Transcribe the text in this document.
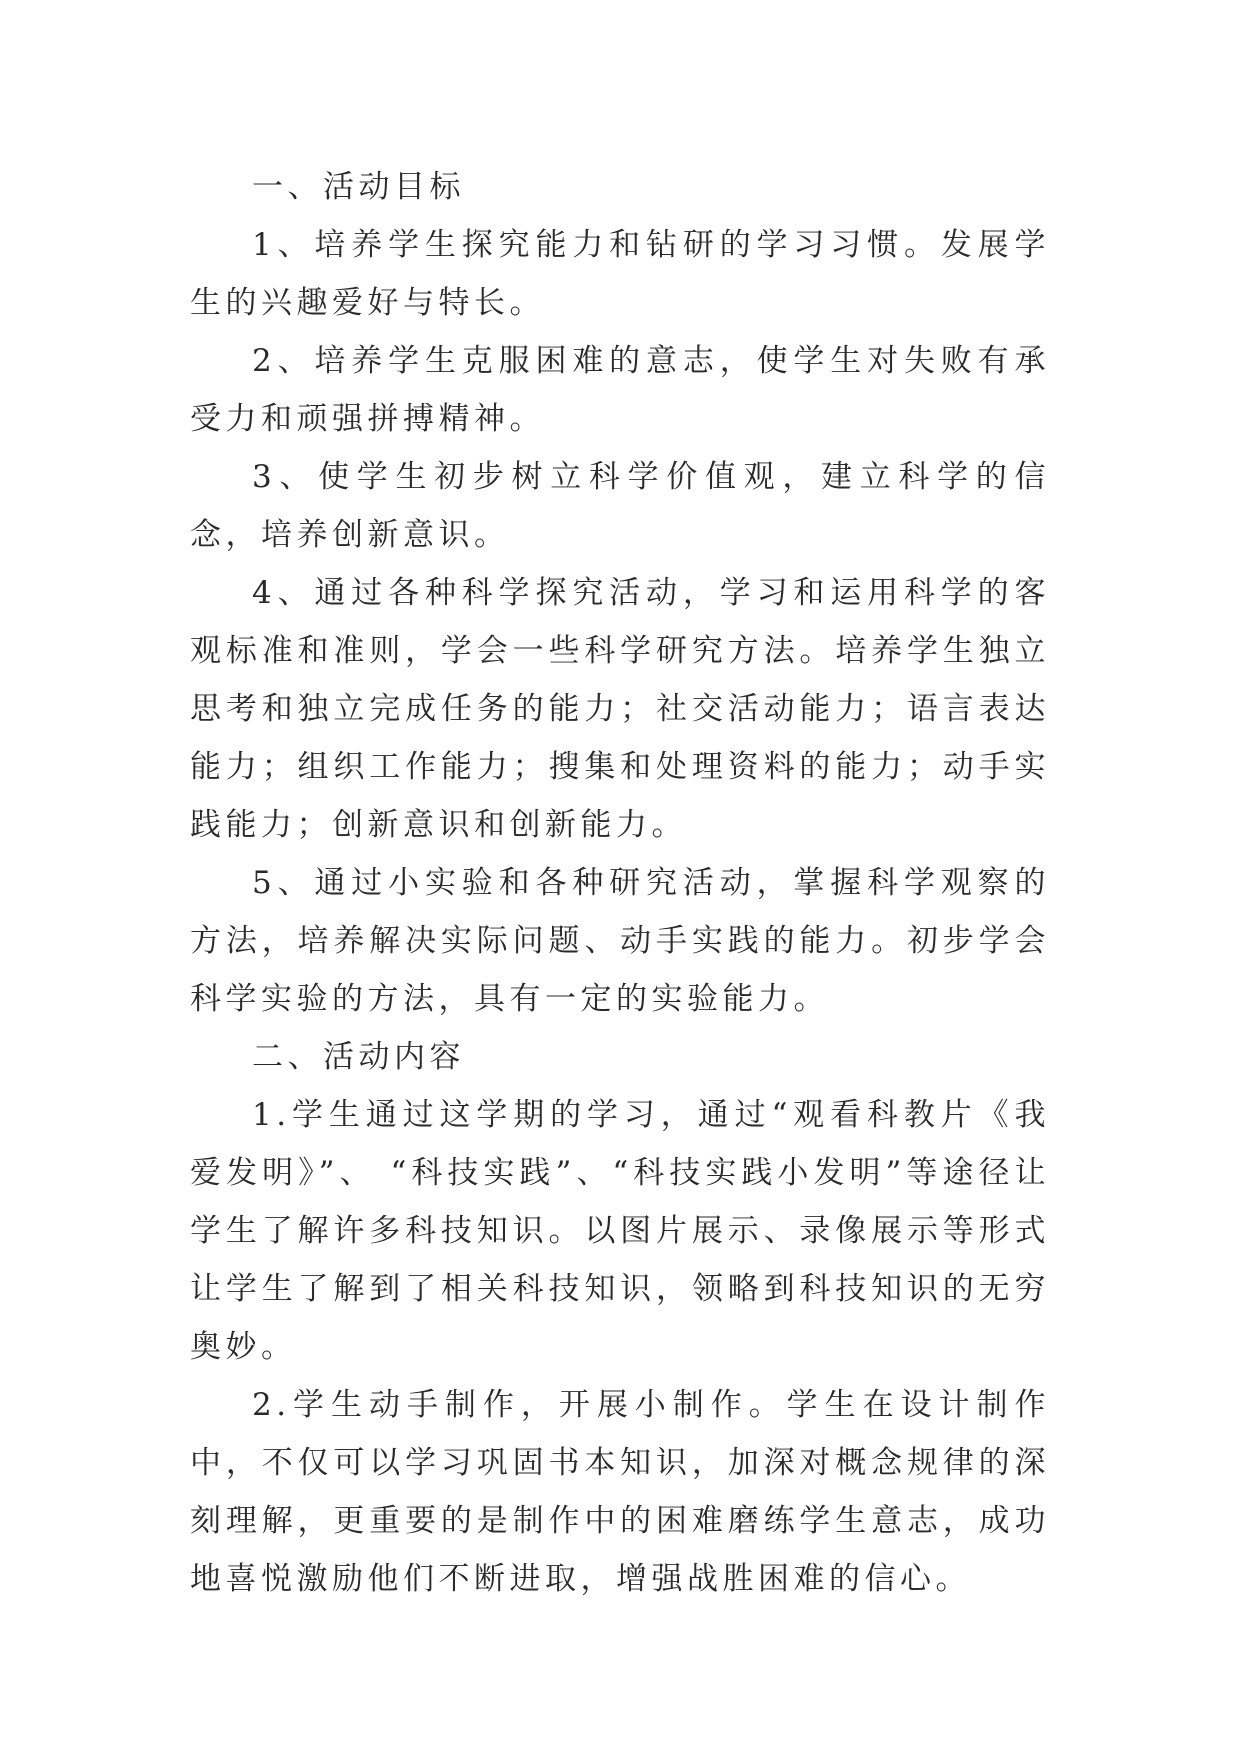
一、活动目标

1、培养学生探究能力和钻研的学习习惯。发展学生的兴趣爱好与特长。

2、培养学生克服困难的意志，使学生对失败有承受力和顽强拼搏精神。

3、使学生初步树立科学价值观，建立科学的信念，培养创新意识。

4、通过各种科学探究活动，学习和运用科学的客观标准和准则，学会一些科学研究方法。培养学生独立思考和独立完成任务的能力；社交活动能力；语言表达能力；组织工作能力；搜集和处理资料的能力；动手实践能力；创新意识和创新能力。

5、通过小实验和各种研究活动，掌握科学观察的方法，培养解决实际问题、动手实践的能力。初步学会科学实验的方法，具有一定的实验能力。

二、活动内容

1.学生通过这学期的学习，通过“观看科教片《我爱发明》”、 “科技实践”、“科技实践小发明”等途径让学生了解许多科技知识。以图片展示、录像展示等形式让学生了解到了相关科技知识，领略到科技知识的无穷奥妙。

2.学生动手制作，开展小制作。学生在设计制作中，不仅可以学习巩固书本知识，加深对概念规律的深刻理解，更重要的是制作中的困难磨练学生意志，成功地喜悦激励他们不断进取，增强战胜困难的信心。
